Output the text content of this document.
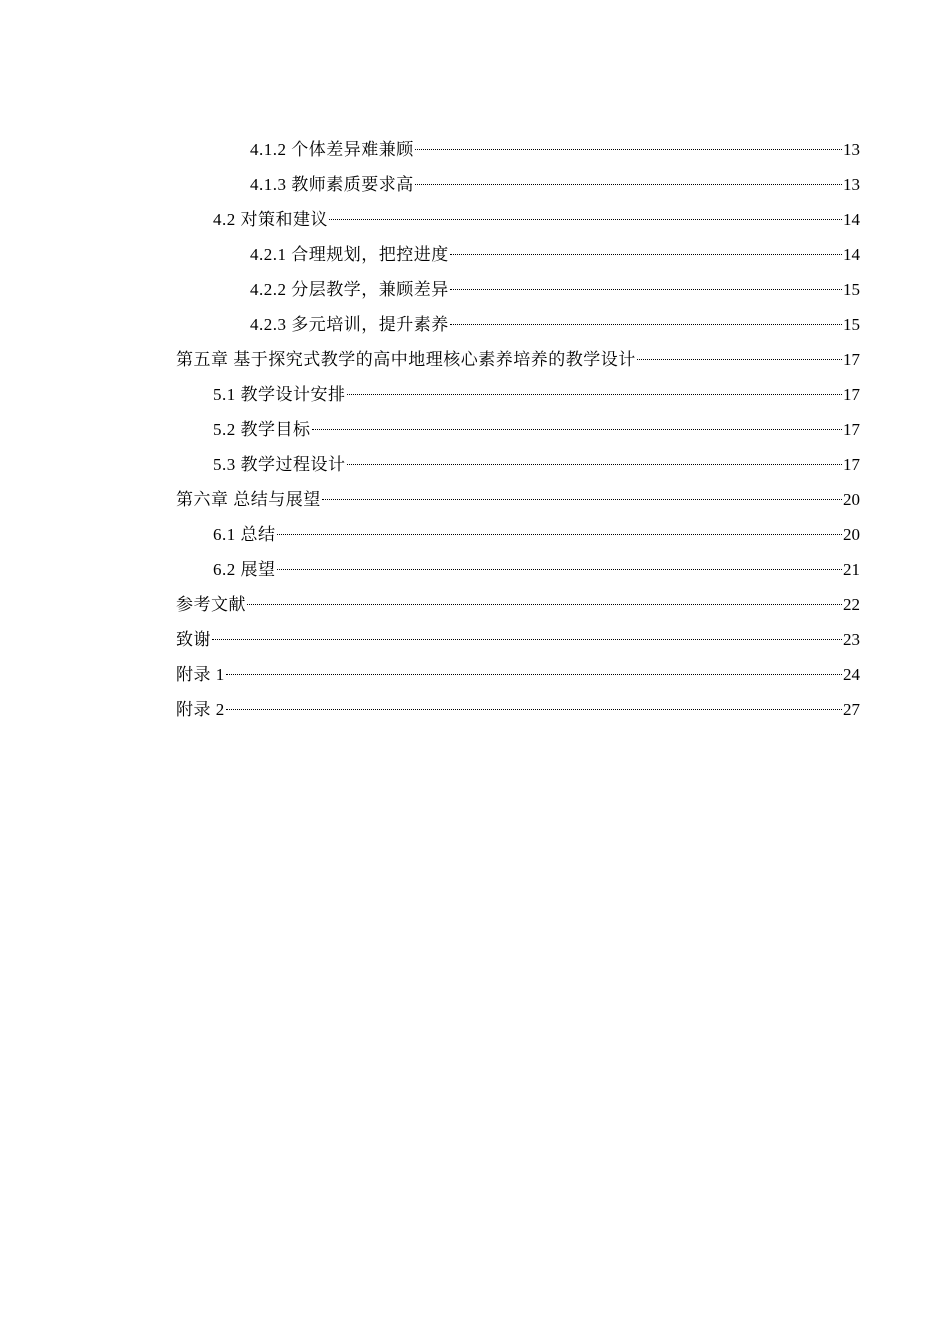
4.1.2 个体差异难兼顾	13
4.1.3 教师素质要求高	13
4.2 对策和建议	14
4.2.1 合理规划，把控进度	14
4.2.2 分层教学，兼顾差异	15
4.2.3 多元培训，提升素养	15
第五章 基于探究式教学的高中地理核心素养培养的教学设计	17
5.1 教学设计安排	17
5.2 教学目标	17
5.3 教学过程设计	17
第六章 总结与展望	20
6.1 总结	20
6.2 展望	21
参考文献	22
致谢	23
附录 1	24
附录 2	27
